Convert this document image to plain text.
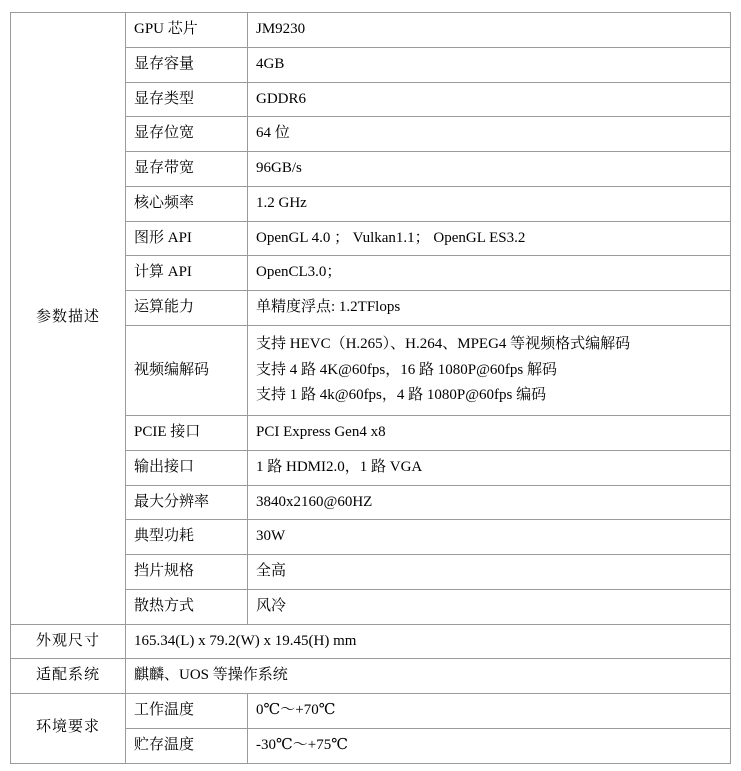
参数描述	GPU 芯片	JM9230
	显存容量	4GB
	显存类型	GDDR6
	显存位宽	64 位
	显存带宽	96GB/s
	核心频率	1.2 GHz
	图形 API	OpenGL 4.0 ； Vulkan1.1； OpenGL ES3.2
	计算 API	OpenCL3.0；
	运算能力	单精度浮点: 1.2TFlops
	视频编解码	支持 HEVC（H.265）、H.264、MPEG4 等视频格式编解码
支持 4 路 4K@60fps，16 路 1080P@60fps 解码
支持 1 路 4k@60fps，4 路 1080P@60fps 编码

	PCIE 接口	PCI Express Gen4 x8
	输出接口	1 路 HDMI2.0，1 路 VGA
	最大分辨率	3840x2160@60HZ
	典型功耗	30W
	挡片规格	全高
	散热方式	风冷
外观尺寸	165.34(L) x 79.2(W) x 19.45(H) mm	
适配系统	麒麟、UOS 等操作系统	
环境要求	工作温度	0℃～+70℃
	贮存温度	-30℃～+75℃
